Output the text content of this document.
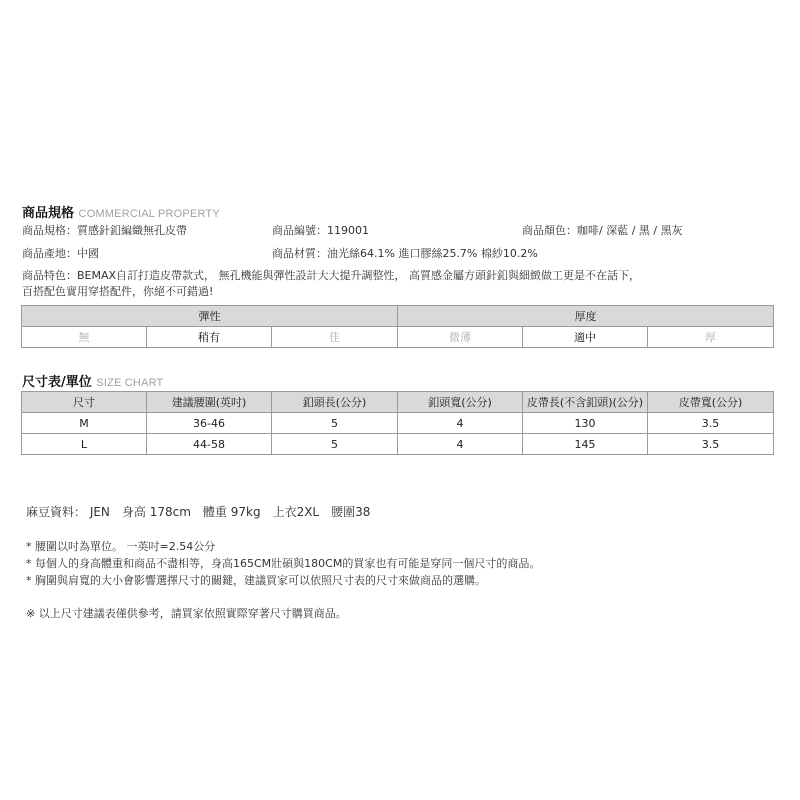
商品規格 COMMERCIAL PROPERTY
商品規格：質感針釦編織無孔皮帶	商品編號：119001	商品顏色：咖啡/ 深藍 / 黑 / 黑灰
商品產地：中國	商品材質：油光絲64.1% 進口膠絲25.7% 棉紗10.2%
商品特色：BEMAX自訂打造皮帶款式， 無孔機能與彈性設計大大提升調整性， 高質感金屬方頭針釦與細緻做工更是不在話下，
百搭配色實用穿搭配件，你絕不可錯過!
彈性			厚度		
無	稍有	佳	微薄	適中	厚
尺寸表/單位 SIZE CHART
尺寸	建議腰圍(英吋)	釦頭長(公分)	釦頭寬(公分)	皮帶長(不含釦頭)(公分)	皮帶寬(公分)
M	36-46	5	4	130	3.5
L	44-58	5	4	145	3.5
麻豆資料： JEN　身高 178cm　體重 97kg　上衣2XL　腰圍38
* 腰圍以吋為單位。 一英吋=2.54公分
* 每個人的身高體重和商品不盡相等，身高165CM壯碩與180CM的買家也有可能是穿同一個尺寸的商品。
* 胸圍與肩寬的大小會影響選擇尺寸的關鍵，建議買家可以依照尺寸表的尺寸來做商品的選購。
※ 以上尺寸建議表僅供參考，請買家依照實際穿著尺寸購買商品。
